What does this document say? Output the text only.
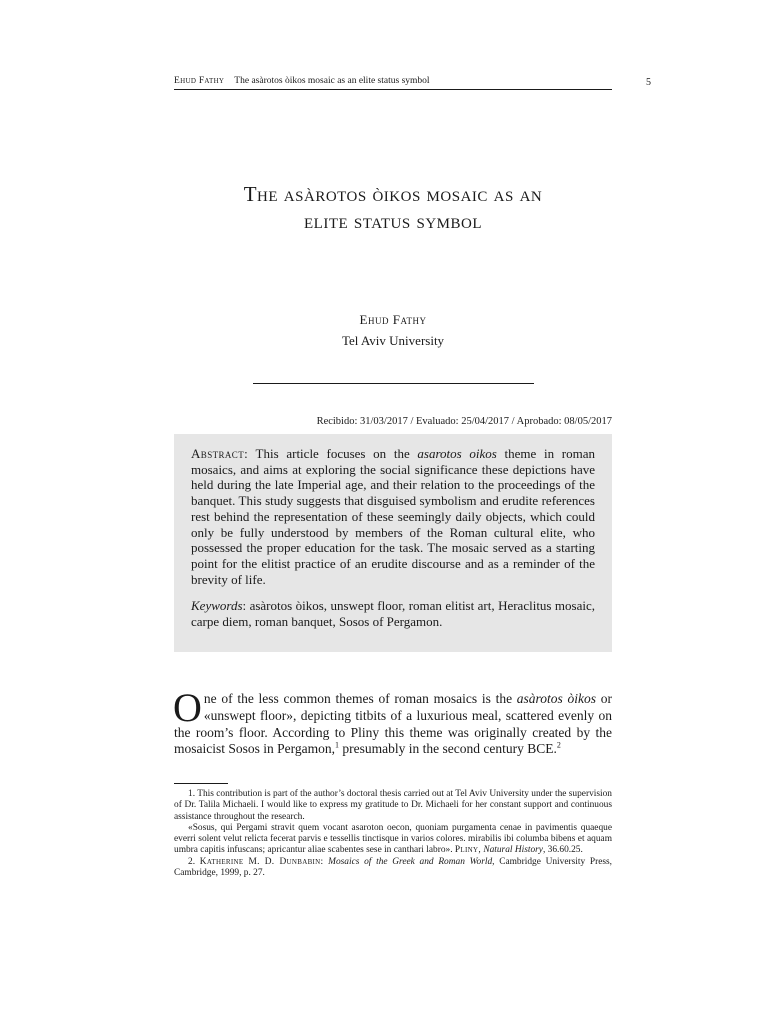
Ehud Fathy The asàrotos òikos mosaic as an elite status symbol	5
The asàrotos òikos mosaic as an
elite status symbol
Ehud Fathy
Tel Aviv University
Recibido: 31/03/2017 / Evaluado: 25/04/2017 / Aprobado: 08/05/2017
Abstract: This article focuses on the asarotos oikos theme in roman mosaics, and aims at exploring the social significance these depictions have held during the late Imperial age, and their relation to the proceedings of the banquet. This study suggests that disguised symbolism and erudite references rest behind the representation of these seemingly daily objects, which could only be fully understood by members of the Roman cultural elite, who possessed the proper education for the task. The mosaic served as a starting point for the elitist practice of an erudite discourse and as a reminder of the brevity of life.
Keywords: asàrotos òikos, unswept floor, roman elitist art, Heraclitus mosaic, carpe diem, roman banquet, Sosos of Pergamon.
One of the less common themes of roman mosaics is the asàrotos òikos or «unswept floor», depicting titbits of a luxurious meal, scattered evenly on the room’s floor. According to Pliny this theme was originally created by the mosaicist Sosos in Pergamon,$^1$ presumably in the second century BCE.$^2$

1. This contribution is part of the author’s doctoral thesis carried out at Tel Aviv University under the supervision of Dr. Talila Michaeli. I would like to express my gratitude to Dr. Michaeli for her constant support and continuous assistance throughout the research.

«Sosus, qui Pergami stravit quem vocant asaroton oecon, quoniam purgamenta cenae in pavimentis quaeque everri solent velut relicta fecerat parvis e tessellis tinctisque in varios colores. mirabilis ibi columba bibens et aquam umbra capitis infuscans; apricantur aliae scabentes sese in canthari labro». Pliny, Natural History, 36.60.25.

2. Katherine M. D. Dunbabin: Mosaics of the Greek and Roman World, Cambridge University Press, Cambridge, 1999, p. 27.
